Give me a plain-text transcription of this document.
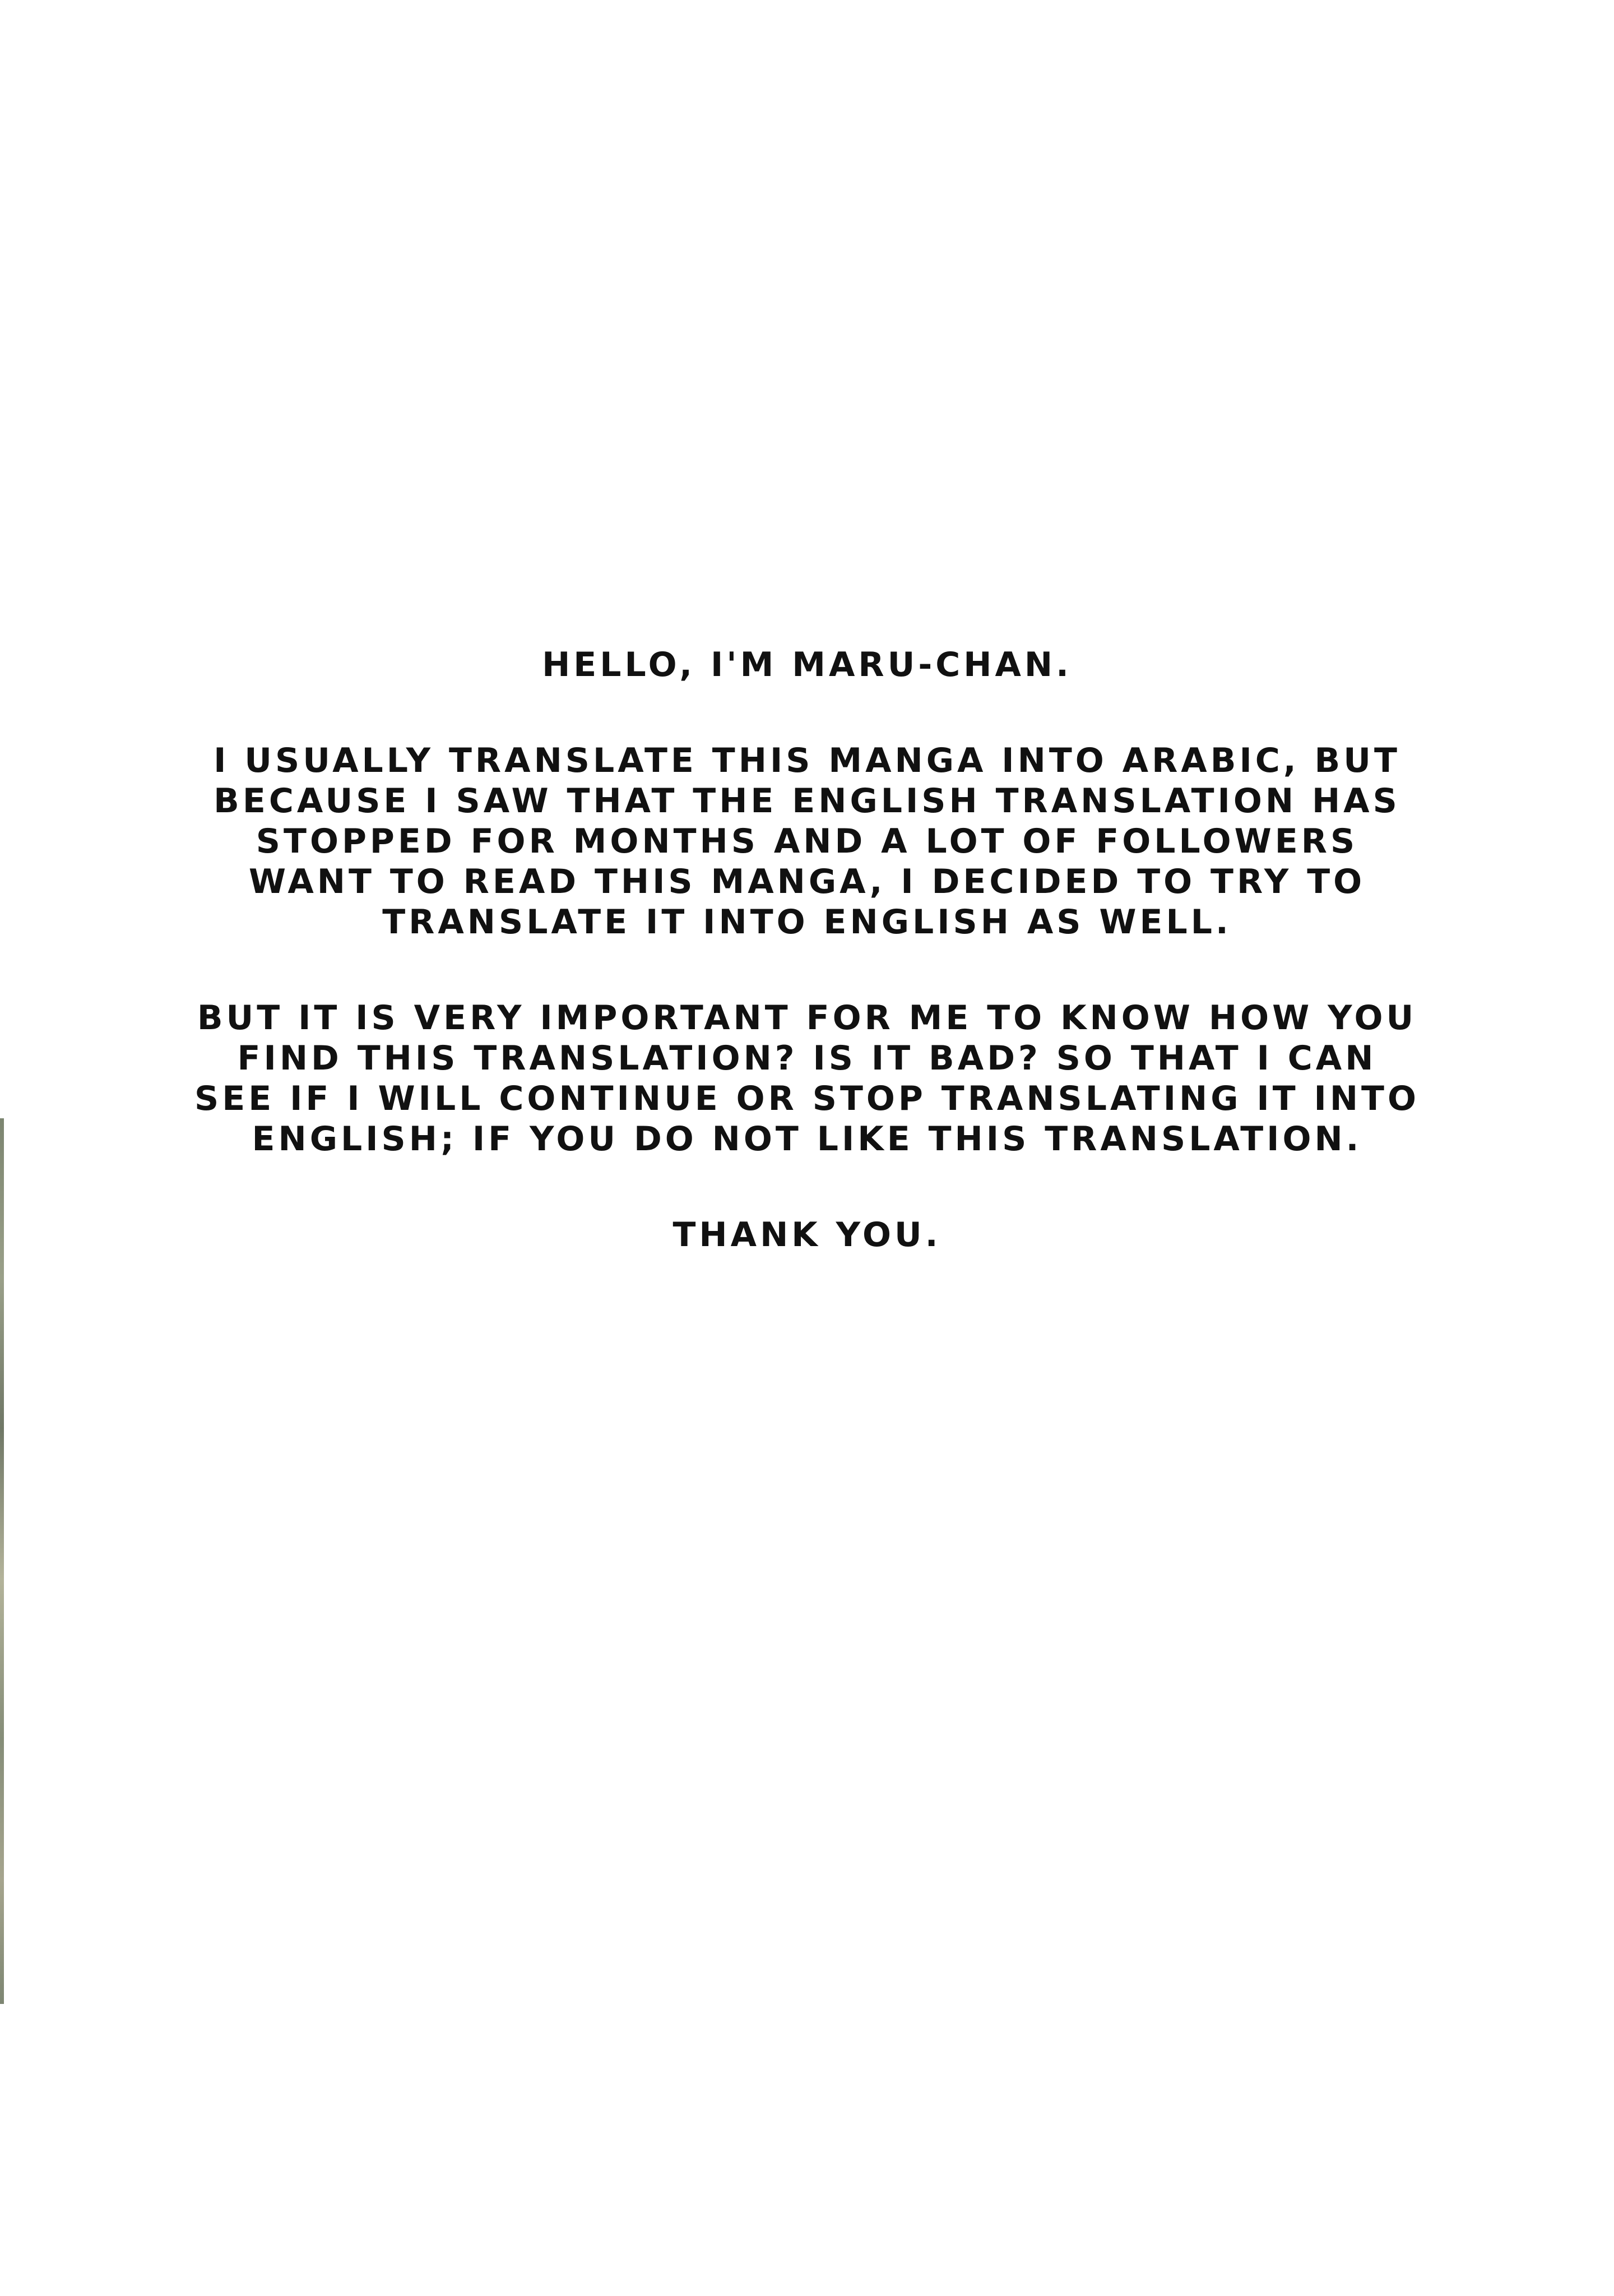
HELLO, I'M MARU-CHAN.

I USUALLY TRANSLATE THIS MANGA INTO ARABIC, BUT
BECAUSE I SAW THAT THE ENGLISH TRANSLATION HAS
STOPPED FOR MONTHS AND A LOT OF FOLLOWERS
WANT TO READ THIS MANGA, I DECIDED TO TRY TO
TRANSLATE IT INTO ENGLISH AS WELL.

BUT IT IS VERY IMPORTANT FOR ME TO KNOW HOW YOU
FIND THIS TRANSLATION? IS IT BAD? SO THAT I CAN
SEE IF I WILL CONTINUE OR STOP TRANSLATING IT INTO
ENGLISH; IF YOU DO NOT LIKE THIS TRANSLATION.

THANK YOU.
